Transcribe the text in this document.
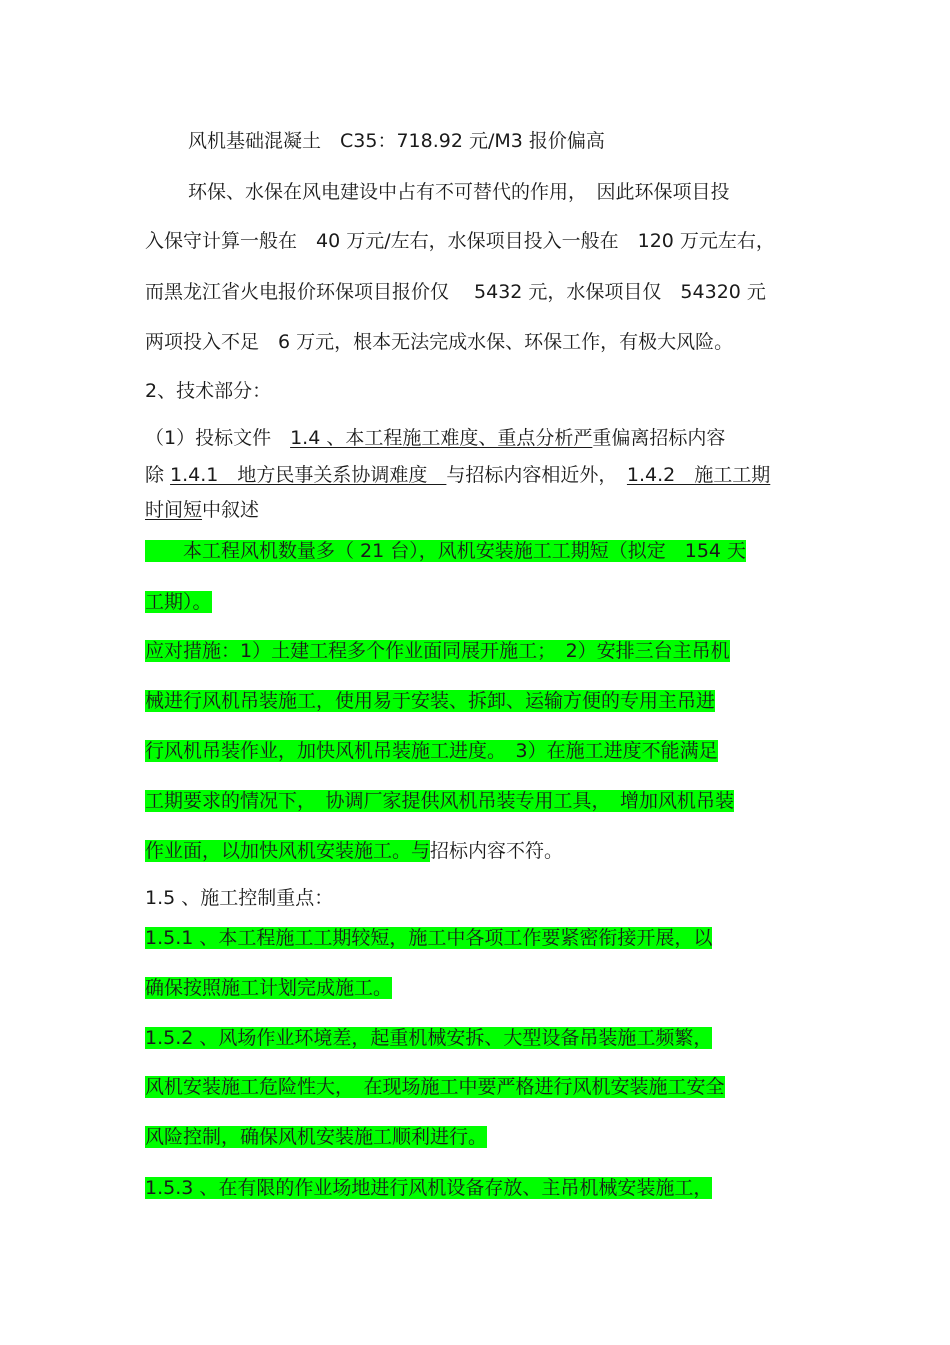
风机基础混凝土　C35：718.92 元/M3 报价偏高
环保、水保在风电建设中占有不可替代的作用，　因此环保项目投
入保守计算一般在　40 万元/左右，水保项目投入一般在　120 万元左右，
而黑龙江省火电报价环保项目报价仅　 5432 元，水保项目仅　54320 元
两项投入不足　6 万元，根本无法完成水保、环保工作，有极大风险。
2、技术部分：
（1）投标文件　1.4 、本工程施工难度、重点分析严重偏离招标内容
除 1.4.1　地方民事关系协调难度　与招标内容相近外，　1.4.2　施工工期
时间短中叙述
　　本工程风机数量多（ 21 台），风机安装施工工期短（拟定　154 天
工期）。
应对措施：1）土建工程多个作业面同展开施工；　2）安排三台主吊机
械进行风机吊装施工，使用易于安装、拆卸、运输方便的专用主吊进
行风机吊装作业，加快风机吊装施工进度。　3）在施工进度不能满足
工期要求的情况下，　协调厂家提供风机吊装专用工具，　增加风机吊装
作业面，以加快风机安装施工。与招标内容不符。
1.5 、施工控制重点：
1.5.1 、本工程施工工期较短，施工中各项工作要紧密衔接开展，以
确保按照施工计划完成施工。
1.5.2 、风场作业环境差，起重机械安拆、大型设备吊装施工频繁，
风机安装施工危险性大，　在现场施工中要严格进行风机安装施工安全
风险控制，确保风机安装施工顺利进行。
1.5.3 、在有限的作业场地进行风机设备存放、主吊机械安装施工，
